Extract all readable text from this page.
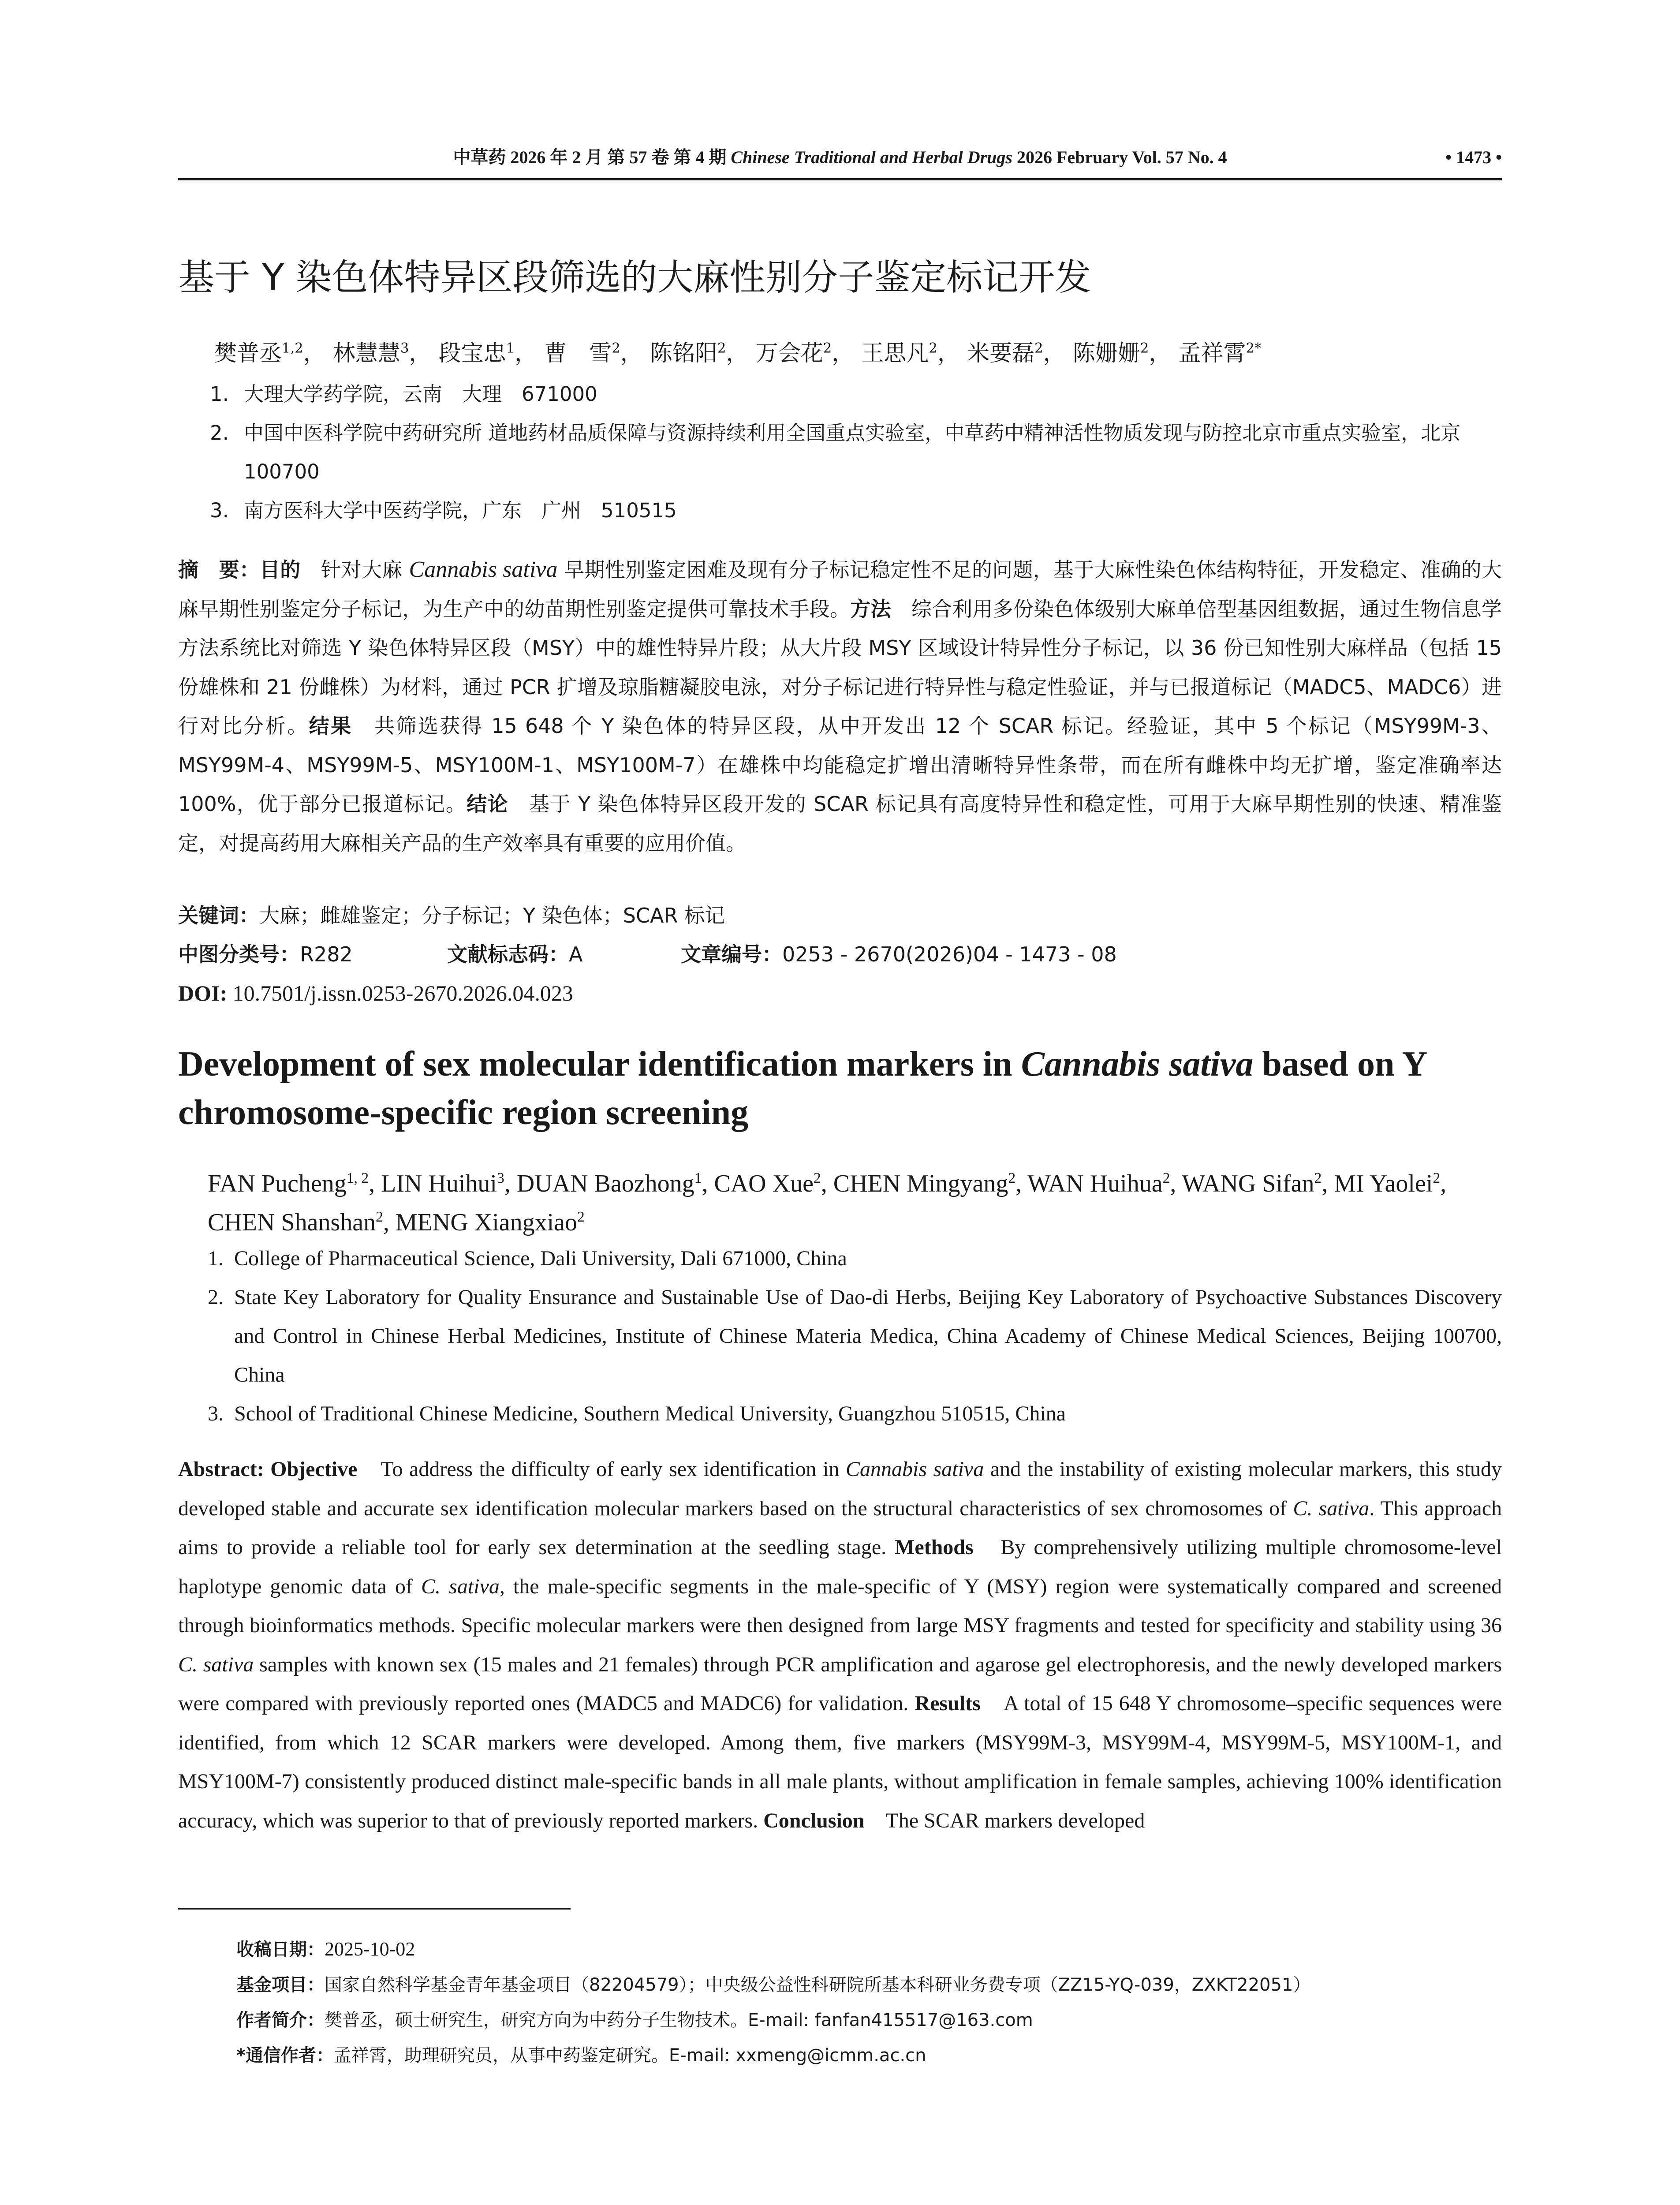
中草药 2026 年 2 月 第 57 卷 第 4 期 Chinese Traditional and Herbal Drugs 2026 February Vol. 57 No. 4	• 1473 •
基于 Y 染色体特异区段筛选的大麻性别分子鉴定标记开发
樊普丞$^{1,2}$， 林慧慧$^3$， 段宝忠$^1$， 曹　雪$^2$， 陈铭阳$^2$， 万会花$^2$， 王思凡$^2$， 米要磊$^2$， 陈姗姗$^2$， 孟祥霄$^{2*}$
1. 大理大学药学院，云南　大理　671000
2. 中国中医科学院中药研究所 道地药材品质保障与资源持续利用全国重点实验室，中草药中精神活性物质发现与防控北京市重点实验室，北京　100700
3. 南方医科大学中医药学院，广东　广州　510515
摘　要：目的　针对大麻 Cannabis sativa 早期性别鉴定困难及现有分子标记稳定性不足的问题，基于大麻性染色体结构特征，开发稳定、准确的大麻早期性别鉴定分子标记，为生产中的幼苗期性别鉴定提供可靠技术手段。方法　综合利用多份染色体级别大麻单倍型基因组数据，通过生物信息学方法系统比对筛选 Y 染色体特异区段（MSY）中的雄性特异片段；从大片段 MSY 区域设计特异性分子标记，以 36 份已知性别大麻样品（包括 15 份雄株和 21 份雌株）为材料，通过 PCR 扩增及琼脂糖凝胶电泳，对分子标记进行特异性与稳定性验证，并与已报道标记（MADC5、MADC6）进行对比分析。结果　共筛选获得 15 648 个 Y 染色体的特异区段，从中开发出 12 个 SCAR 标记。经验证，其中 5 个标记（MSY99M-3、MSY99M-4、MSY99M-5、MSY100M-1、MSY100M-7）在雄株中均能稳定扩增出清晰特异性条带，而在所有雌株中均无扩增，鉴定准确率达 100%，优于部分已报道标记。结论　基于 Y 染色体特异区段开发的 SCAR 标记具有高度特异性和稳定性，可用于大麻早期性别的快速、精准鉴定，对提高药用大麻相关产品的生产效率具有重要的应用价值。
关键词：大麻；雌雄鉴定；分子标记；Y 染色体；SCAR 标记
中图分类号：R282	文献标志码：A	文章编号：0253 - 2670(2026)04 - 1473 - 08
DOI: 10.7501/j.issn.0253-2670.2026.04.023
Development of sex molecular identification markers in Cannabis sativa based on Y chromosome-specific region screening
FAN Pucheng$^{1, 2}$, LIN Huihui$^3$, DUAN Baozhong$^1$, CAO Xue$^2$, CHEN Mingyang$^2$, WAN Huihua$^2$, WANG Sifan$^2$, MI Yaolei$^2$, CHEN Shanshan$^2$, MENG Xiangxiao$^2$
1. College of Pharmaceutical Science, Dali University, Dali 671000, China
2. State Key Laboratory for Quality Ensurance and Sustainable Use of Dao-di Herbs, Beijing Key Laboratory of Psychoactive Substances Discovery and Control in Chinese Herbal Medicines, Institute of Chinese Materia Medica, China Academy of Chinese Medical Sciences, Beijing 100700, China
3. School of Traditional Chinese Medicine, Southern Medical University, Guangzhou 510515, China
Abstract: Objective　To address the difficulty of early sex identification in Cannabis sativa and the instability of existing molecular markers, this study developed stable and accurate sex identification molecular markers based on the structural characteristics of sex chromosomes of C. sativa. This approach aims to provide a reliable tool for early sex determination at the seedling stage. Methods　By comprehensively utilizing multiple chromosome-level haplotype genomic data of C. sativa, the male-specific segments in the male-specific of Y (MSY) region were systematically compared and screened through bioinformatics methods. Specific molecular markers were then designed from large MSY fragments and tested for specificity and stability using 36 C. sativa samples with known sex (15 males and 21 females) through PCR amplification and agarose gel electrophoresis, and the newly developed markers were compared with previously reported ones (MADC5 and MADC6) for validation. Results　A total of 15 648 Y chromosome–specific sequences were identified, from which 12 SCAR markers were developed. Among them, five markers (MSY99M-3, MSY99M-4, MSY99M-5, MSY100M-1, and MSY100M-7) consistently produced distinct male-specific bands in all male plants, without amplification in female samples, achieving 100% identification accuracy, which was superior to that of previously reported markers. Conclusion　The SCAR markers developed
收稿日期：2025-10-02
基金项目：国家自然科学基金青年基金项目（82204579）；中央级公益性科研院所基本科研业务费专项（ZZ15-YQ-039，ZXKT22051）
作者简介：樊普丞，硕士研究生，研究方向为中药分子生物技术。E-mail: fanfan415517@163.com
*通信作者：孟祥霄，助理研究员，从事中药鉴定研究。E-mail: xxmeng@icmm.ac.cn
